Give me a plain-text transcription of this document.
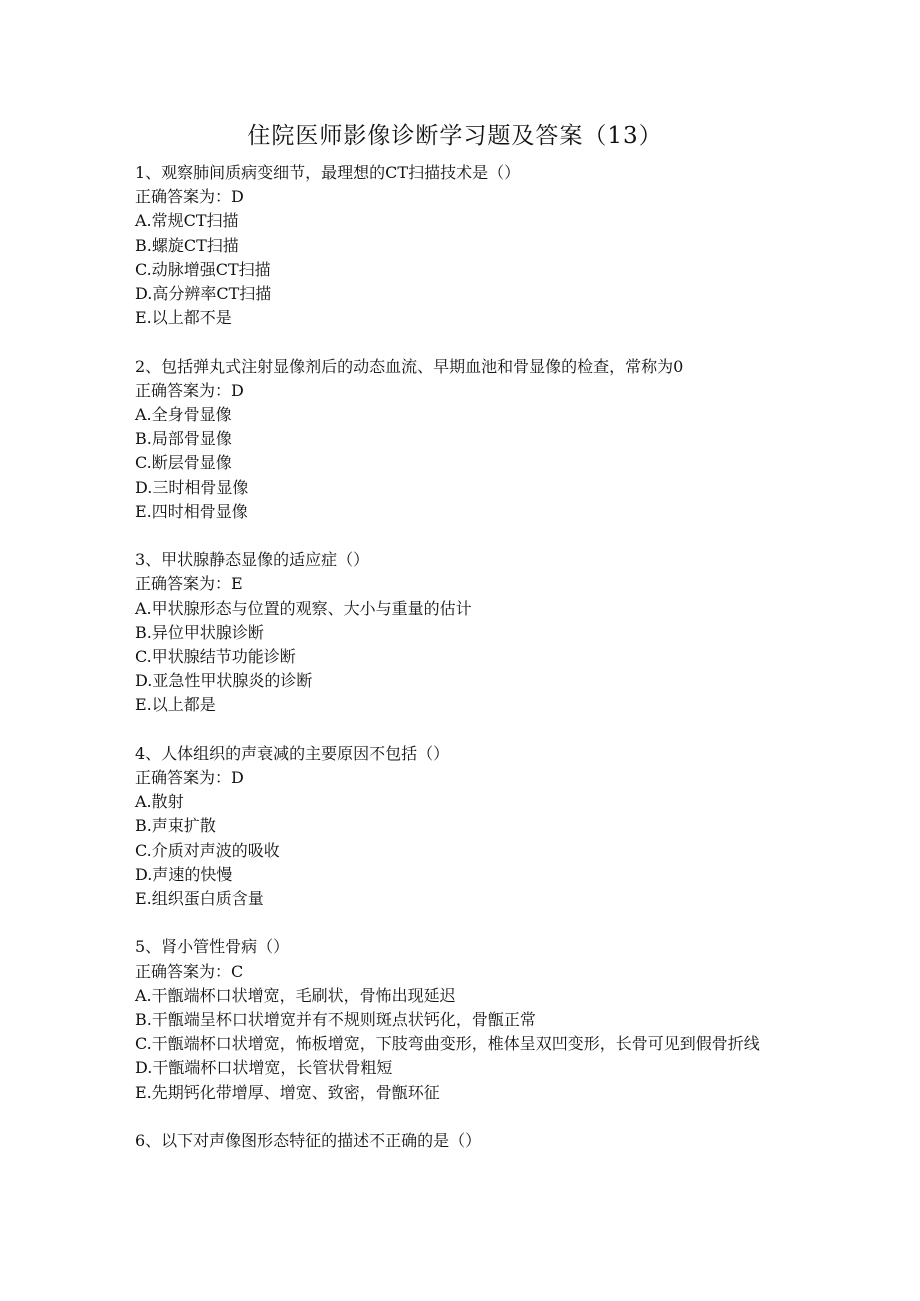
住院医师影像诊断学习题及答案（13）
1、观察肺间质病变细节，最理想的CT扫描技术是（）
正确答案为：D
A.常规CT扫描
B.螺旋CT扫描
C.动脉增强CT扫描
D.高分辨率CT扫描
E.以上都不是
2、包括弹丸式注射显像剂后的动态血流、早期血池和骨显像的检查，常称为0
正确答案为：D
A.全身骨显像
B.局部骨显像
C.断层骨显像
D.三时相骨显像
E.四时相骨显像
3、甲状腺静态显像的适应症（）
正确答案为：E
A.甲状腺形态与位置的观察、大小与重量的估计
B.异位甲状腺诊断
C.甲状腺结节功能诊断
D.亚急性甲状腺炎的诊断
E.以上都是
4、人体组织的声衰减的主要原因不包括（）
正确答案为：D
A.散射
B.声束扩散
C.介质对声波的吸收
D.声速的快慢
E.组织蛋白质含量
5、肾小管性骨病（）
正确答案为：C
A.干甑端杯口状增宽，毛刷状，骨怖出现延迟
B.干甑端呈杯口状增宽并有不规则斑点状钙化，骨甑正常
C.干甑端杯口状增宽，怖板增宽，下肢弯曲变形，椎体呈双凹变形，长骨可见到假骨折线
D.干甑端杯口状增宽，长管状骨粗短
E.先期钙化带增厚、增宽、致密，骨甑环征
6、以下对声像图形态特征的描述不正确的是（）
